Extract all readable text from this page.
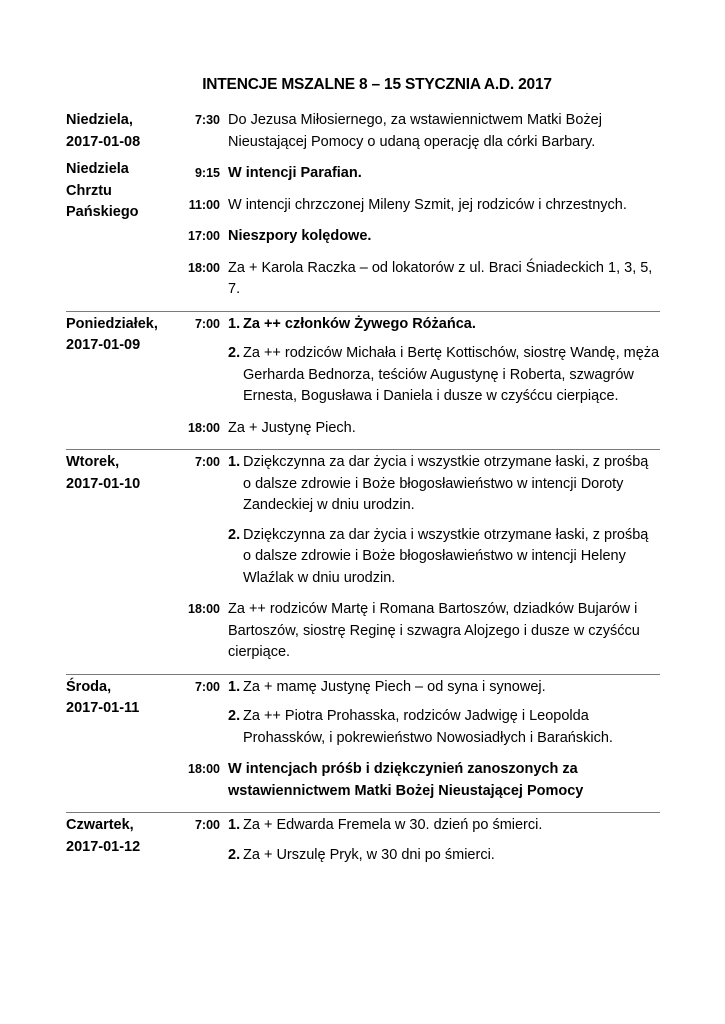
INTENCJE MSZALNE 8 – 15 STYCZNIA A.D. 2017
Niedziela,
2017-01-08
Niedziela
Chrztu
Pańskiego
7:30 Do Jezusa Miłosiernego, za wstawiennictwem Matki Bożej Nieustającej Pomocy o udaną operację dla córki Barbary.
9:15 W intencji Parafian.
11:00 W intencji chrzczonej Mileny Szmit, jej rodziców i chrzestnych.
17:00 Nieszpory kolędowe.
18:00 Za + Karola Raczka – od lokatorów z ul. Braci Śniadeckich 1, 3, 5, 7.
Poniedziałek,
2017-01-09
7:00 1. Za ++ członków Żywego Różańca.
2. Za ++ rodziców Michała i Bertę Kottischów, siostrę Wandę, męża Gerharda Bednorza, teściów Augustynę i Roberta, szwagrów Ernesta, Bogusława i Daniela i dusze w czyśćcu cierpiące.
18:00 Za + Justynę Piech.
Wtorek,
2017-01-10
7:00 1. Dziękczynna za dar życia i wszystkie otrzymane łaski, z prośbą o dalsze zdrowie i Boże błogosławieństwo w intencji Doroty Zandeckiej w dniu urodzin.
2. Dziękczynna za dar życia i wszystkie otrzymane łaski, z prośbą o dalsze zdrowie i Boże błogosławieństwo w intencji Heleny Wlaźlak w dniu urodzin.
18:00 Za ++ rodziców Martę i Romana Bartoszów, dziadków Bujarów i Bartoszów, siostrę Reginę i szwagra Alojzego i dusze w czyśćcu cierpiące.
Środa,
2017-01-11
7:00 1. Za + mamę Justynę Piech – od syna i synowej.
2. Za ++ Piotra Prohasska, rodziców Jadwigę i Leopolda Prohassków, i pokrewieństwo Nowosiadłych i Barańskich.
18:00 W intencjach próśb i dziękczynień zanoszonych za wstawiennictwem Matki Bożej Nieustającej Pomocy
Czwartek,
2017-01-12
7:00 1. Za + Edwarda Fremela w 30. dzień po śmierci.
2. Za + Urszulę Pryk, w 30 dni po śmierci.
